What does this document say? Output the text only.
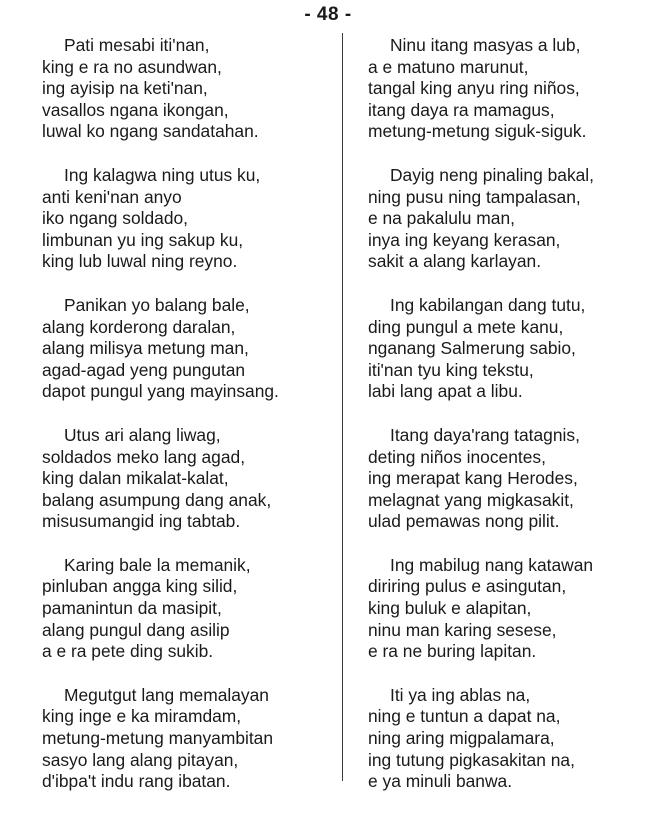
- 48 -
Pati mesabi iti'nan,
king e ra no asundwan,
ing ayisip na keti'nan,
vasallos ngana ikongan,
luwal ko ngang sandatahan.
Ing kalagwa ning utus ku,
anti keni'nan anyo
iko ngang soldado,
limbunan yu ing sakup ku,
king lub luwal ning reyno.
Panikan yo balang bale,
alang korderong daralan,
alang milisya metung man,
agad-agad yeng pungutan
dapot pungul yang mayinsang.
Utus ari alang liwag,
soldados meko lang agad,
king dalan mikalat-kalat,
balang asumpung dang anak,
misusumangid ing tabtab.
Karing bale la memanik,
pinluban angga king silid,
pamanintun da masipit,
alang pungul dang asilip
a e ra pete ding sukib.
Megutgut lang memalayan
king inge e ka miramdam,
metung-metung manyambitan
sasyo lang alang pitayan,
d'ibpa't indu rang ibatan.
Ninu itang masyas a lub,
a e matuno marunut,
tangal king anyu ring niños,
itang daya ra mamagus,
metung-metung siguk-siguk.
Dayig neng pinaling bakal,
ning pusu ning tampalasan,
e na pakalulu man,
inya ing keyang kerasan,
sakit a alang karlayan.
Ing kabilangan dang tutu,
ding pungul a mete kanu,
nganang Salmerung sabio,
iti'nan tyu king tekstu,
labi lang apat a libu.
Itang daya'rang tatagnis,
deting niños inocentes,
ing merapat kang Herodes,
melagnat yang migkasakit,
ulad pemawas nong pilit.
Ing mabilug nang katawan
diriring pulus e asingutan,
king buluk e alapitan,
ninu man karing sesese,
e ra ne buring lapitan.
Iti ya ing ablas na,
ning e tuntun a dapat na,
ning aring migpalamara,
ing tutung pigkasakitan na,
e ya minuli banwa.
